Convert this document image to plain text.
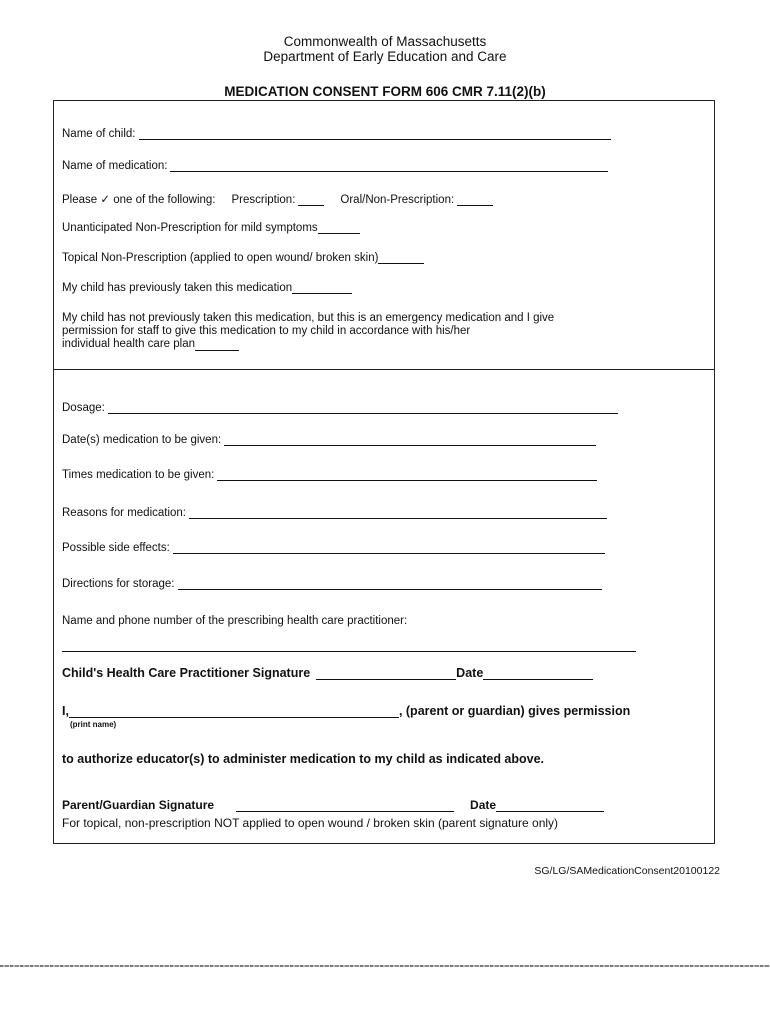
Commonwealth of Massachusetts
Department of Early Education and Care
MEDICATION CONSENT FORM 606 CMR 7.11(2)(b)
Name of child:
Name of medication:
Please ✓ one of the following: Prescription:	Oral/Non-Prescription:
Unanticipated Non-Prescription for mild symptoms
Topical Non-Prescription (applied to open wound/ broken skin)
My child has previously taken this medication
My child has not previously taken this medication, but this is an emergency medication and I give
permission for staff to give this medication to my child in accordance with his/her
individual health care plan
Dosage:
Date(s) medication to be given:
Times medication to be given:
Reasons for medication:
Possible side effects:
Directions for storage:
Name and phone number of the prescribing health care practitioner:
Child's Health Care Practitioner Signature	Date
I,	, (parent or guardian) gives permission
(print name)
to authorize educator(s) to administer medication to my child as indicated above.
Parent/Guardian Signature	Date
For topical, non-prescription NOT applied to open wound / broken skin (parent signature only)
SG/LG/SAMedicationConsent20100122
